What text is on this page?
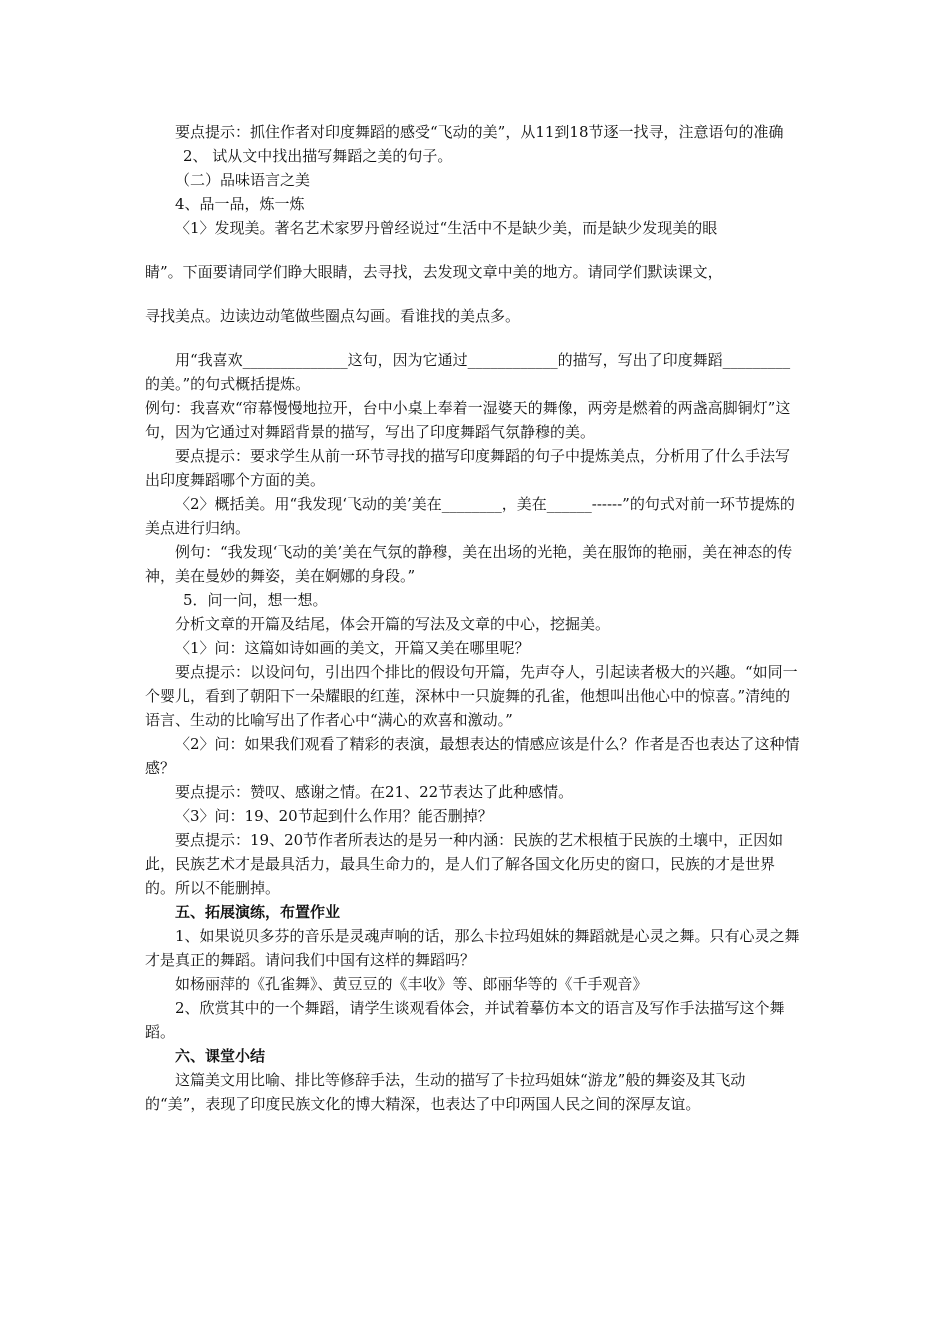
要点提示：抓住作者对印度舞蹈的感受“飞动的美”，从11到18节逐一找寻，注意语句的准确

2、 试从文中找出描写舞蹈之美的句子。

（二）品味语言之美

4、品一品，炼一炼

〈1〉发现美。著名艺术家罗丹曾经说过“生活中不是缺少美，而是缺少发现美的眼

睛”。下面要请同学们睁大眼睛，去寻找，去发现文章中美的地方。请同学们默读课文，

寻找美点。边读边动笔做些圈点勾画。看谁找的美点多。

用“我喜欢______________这句，因为它通过____________的描写，写出了印度舞蹈_________的美。”的句式概括提炼。

例句：我喜欢“帘幕慢慢地拉开，台中小桌上奉着一湿婆天的舞像，两旁是燃着的两盏高脚铜灯”这句，因为它通过对舞蹈背景的描写，写出了印度舞蹈气氛静穆的美。

要点提示：要求学生从前一环节寻找的描写印度舞蹈的句子中提炼美点，分析用了什么手法写出印度舞蹈哪个方面的美。

〈2〉概括美。用“我发现‘飞动的美’美在________，美在______------”的句式对前一环节提炼的美点进行归纳。

例句：“我发现‘飞动的美’美在气氛的静穆，美在出场的光艳，美在服饰的艳丽，美在神态的传神，美在曼妙的舞姿，美在婀娜的身段。”

5．问一问，想一想。

分析文章的开篇及结尾，体会开篇的写法及文章的中心，挖掘美。

〈1〉问：这篇如诗如画的美文，开篇又美在哪里呢？

要点提示：以设问句，引出四个排比的假设句开篇，先声夺人，引起读者极大的兴趣。“如同一个婴儿，看到了朝阳下一朵耀眼的红莲，深林中一只旋舞的孔雀，他想叫出他心中的惊喜。”清纯的语言、生动的比喻写出了作者心中“满心的欢喜和激动。”

〈2〉问：如果我们观看了精彩的表演，最想表达的情感应该是什么？作者是否也表达了这种情感？

要点提示：赞叹、感谢之情。在21、22节表达了此种感情。

〈3〉问：19、20节起到什么作用？能否删掉？

要点提示：19、20节作者所表达的是另一种内涵：民族的艺术根植于民族的土壤中，正因如此，民族艺术才是最具活力，最具生命力的，是人们了解各国文化历史的窗口，民族的才是世界的。所以不能删掉。

五、拓展演练，布置作业

1、如果说贝多芬的音乐是灵魂声响的话，那么卡拉玛姐妹的舞蹈就是心灵之舞。只有心灵之舞才是真正的舞蹈。请问我们中国有这样的舞蹈吗？

如杨丽萍的《孔雀舞》、黄豆豆的《丰收》等、郎丽华等的《千手观音》

2、欣赏其中的一个舞蹈，请学生谈观看体会，并试着摹仿本文的语言及写作手法描写这个舞蹈。

六、课堂小结

这篇美文用比喻、排比等修辞手法，生动的描写了卡拉玛姐妹“游龙”般的舞姿及其飞动的“美”，表现了印度民族文化的博大精深，也表达了中印两国人民之间的深厚友谊。
